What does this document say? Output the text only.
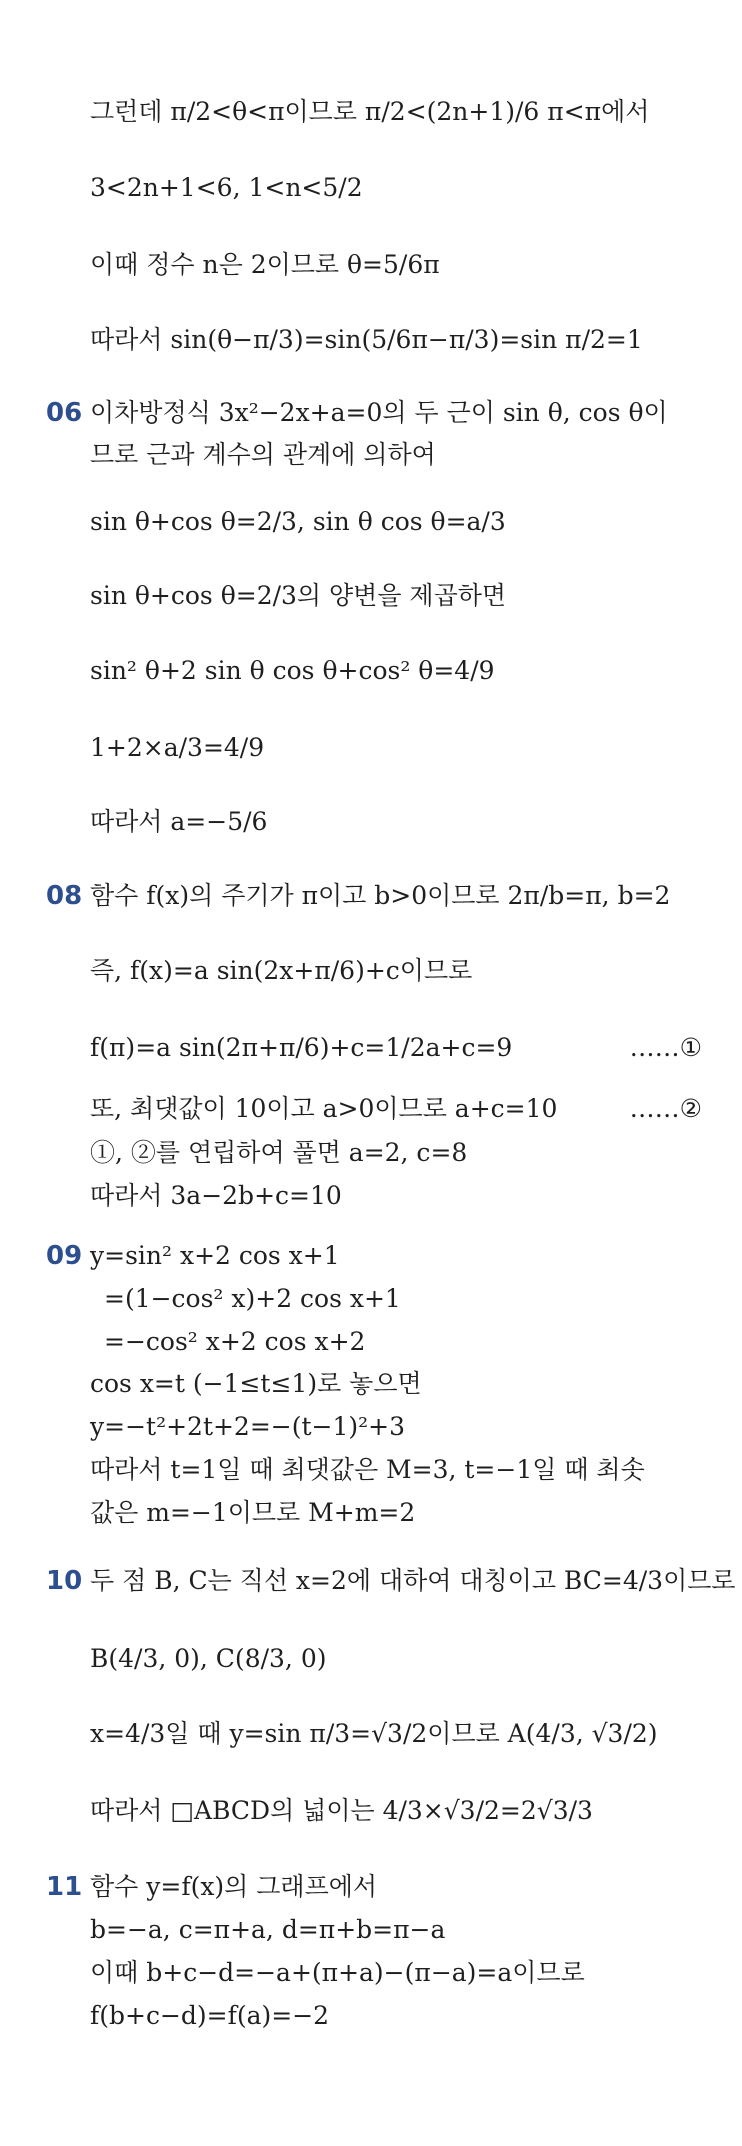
그런데 π/2<θ<π이므로 π/2<(2n+1)/6 π<π에서
3<2n+1<6, 1<n<5/2
이때 정수 n은 2이므로 θ=5/6π
따라서 sin(θ−π/3)=sin(5/6π−π/3)=sin π/2=1
06 이차방정식 3x²−2x+a=0의 두 근이 sin θ, cos θ이
므로 근과 계수의 관계에 의하여
sin θ+cos θ=2/3, sin θ cos θ=a/3
sin θ+cos θ=2/3의 양변을 제곱하면
sin² θ+2 sin θ cos θ+cos² θ=4/9
1+2×a/3=4/9
따라서 a=−5/6
08 함수 f(x)의 주기가 π이고 b>0이므로 2π/b=π, b=2
즉, f(x)=a sin(2x+π/6)+c이므로
f(π)=a sin(2π+π/6)+c=1/2a+c=9	……①
또, 최댓값이 10이고 a>0이므로 a+c=10	……②
①, ②를 연립하여 풀면 a=2, c=8
따라서 3a−2b+c=10
09 y=sin² x+2 cos x+1
=(1−cos² x)+2 cos x+1
=−cos² x+2 cos x+2
cos x=t (−1≤t≤1)로 놓으면
y=−t²+2t+2=−(t−1)²+3
따라서 t=1일 때 최댓값은 M=3, t=−1일 때 최솟
값은 m=−1이므로 M+m=2
10 두 점 B, C는 직선 x=2에 대하여 대칭이고 BC=4/3이므로
B(4/3, 0), C(8/3, 0)
x=4/3일 때 y=sin π/3=√3/2이므로 A(4/3, √3/2)
따라서 □ABCD의 넓이는 4/3×√3/2=2√3/3
11 함수 y=f(x)의 그래프에서
b=−a, c=π+a, d=π+b=π−a
이때 b+c−d=−a+(π+a)−(π−a)=a이므로
f(b+c−d)=f(a)=−2
